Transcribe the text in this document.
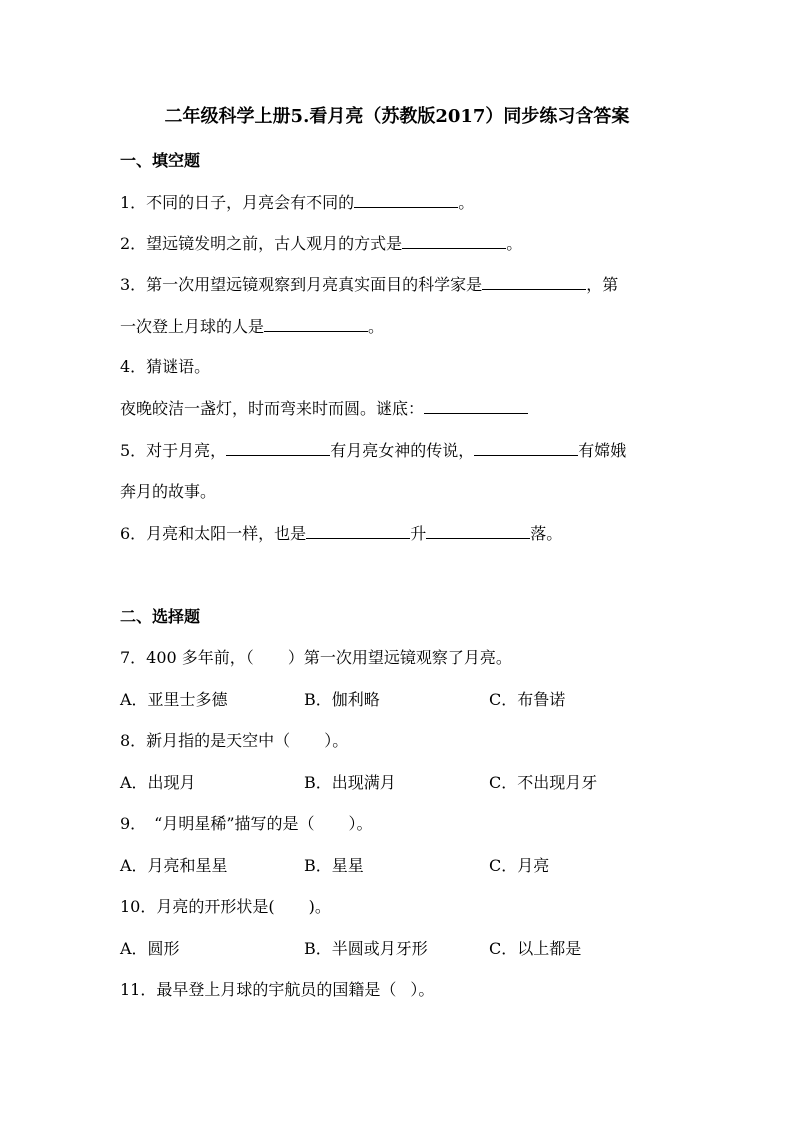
二年级科学上册5.看月亮（苏教版2017）同步练习含答案
一、填空题
1．不同的日子，月亮会有不同的	。
2．望远镜发明之前，古人观月的方式是	。
3．第一次用望远镜观察到月亮真实面目的科学家是	，第
一次登上月球的人是	。
4．猜谜语。
夜晚皎洁一盏灯，时而弯来时而圆。谜底：
5．对于月亮，	有月亮女神的传说，	有嫦娥
奔月的故事。
6．月亮和太阳一样，也是	升	落。
二、选择题
7．400 多年前，（ ）第一次用望远镜观察了月亮。
A．亚里士多德	B．伽利略	C．布鲁诺
8．新月指的是天空中（ ）。
A．出现月	B．出现满月	C．不出现月牙
9．　“月明星稀”描写的是（ ）。
A．月亮和星星	B．星星	C．月亮
10．月亮的开形状是( )。
A．圆形	B．半圆或月牙形	C．以上都是
11．最早登上月球的宇航员的国籍是（ ）。
